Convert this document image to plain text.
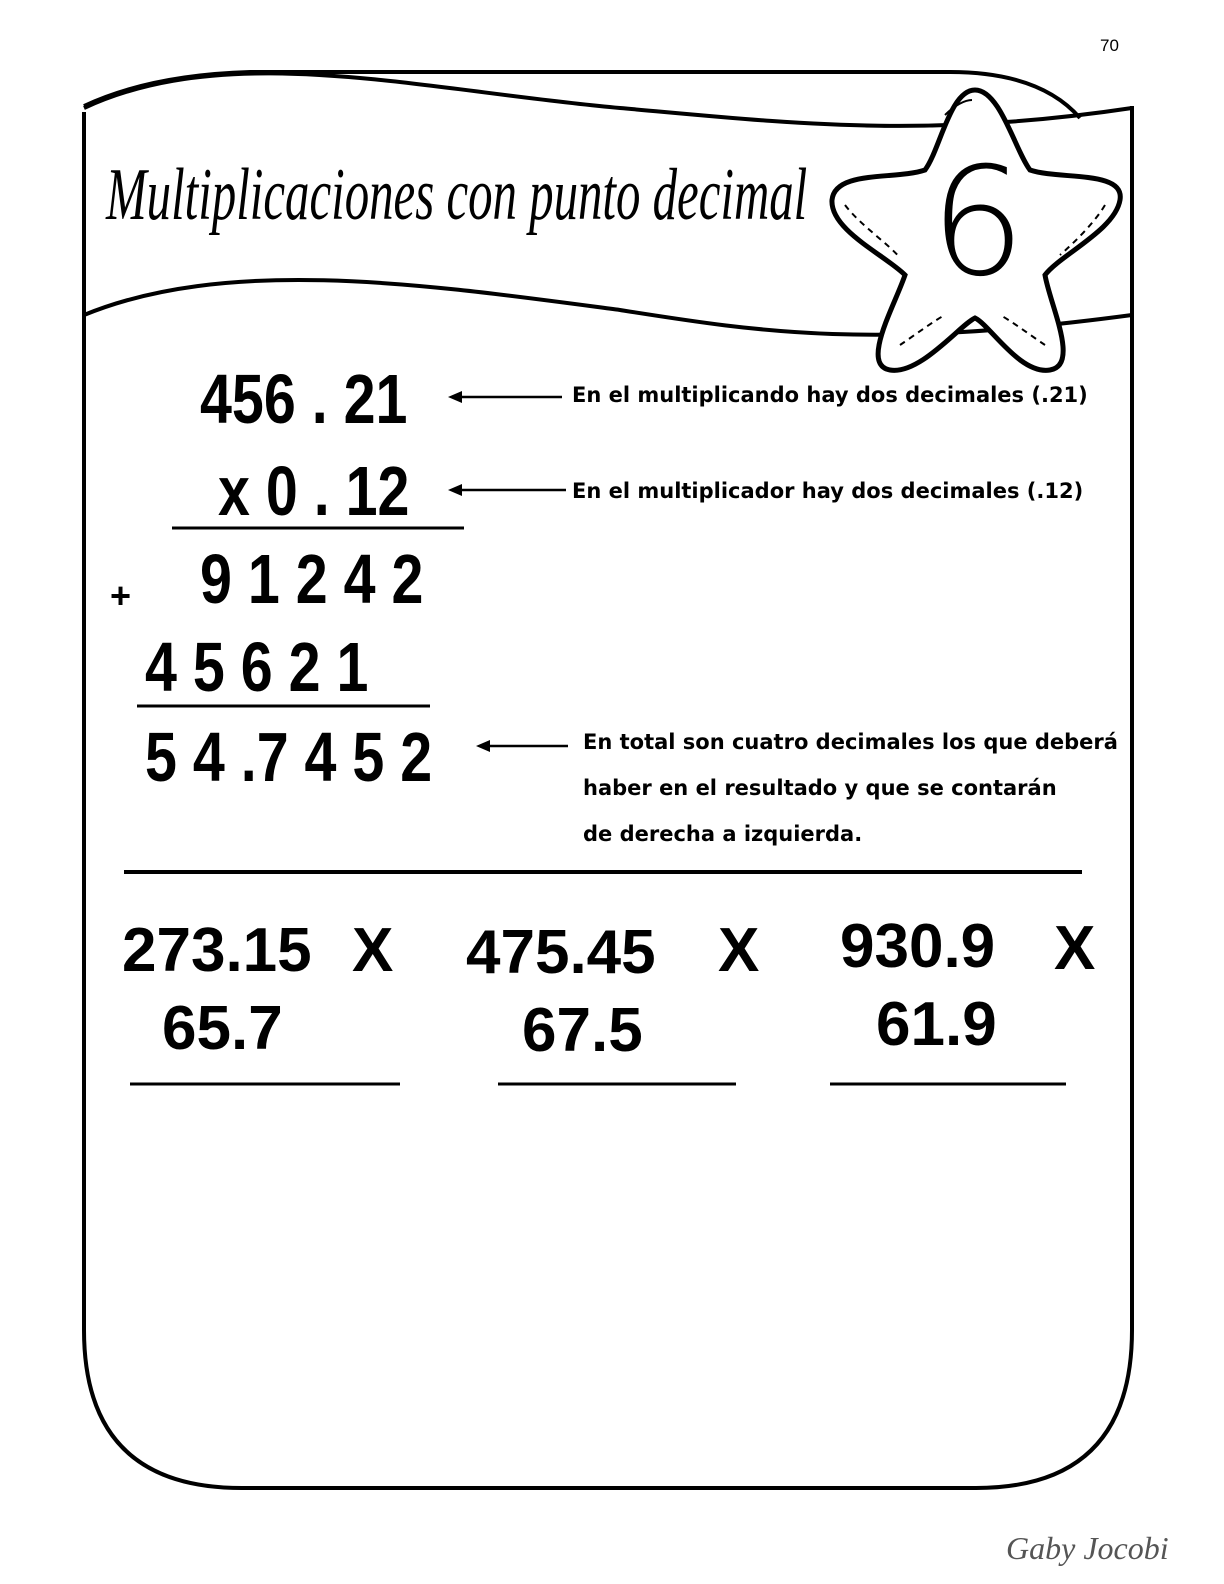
70
Multiplicaciones con punto decimal 6
456 . 21
x 0 . 12
9 1 2 4 2
+
4 5 6 2 1
5 4 .7 4 5 2
En el multiplicando hay dos decimales (.21)
En el multiplicador hay dos decimales (.12)
En total son cuatro decimales los que deberá
haber en el resultado y que se contarán
de derecha a izquierda.
273.15 X
65.7
475.45 X
67.5
930.9 X
61.9
Gaby Jocobi
